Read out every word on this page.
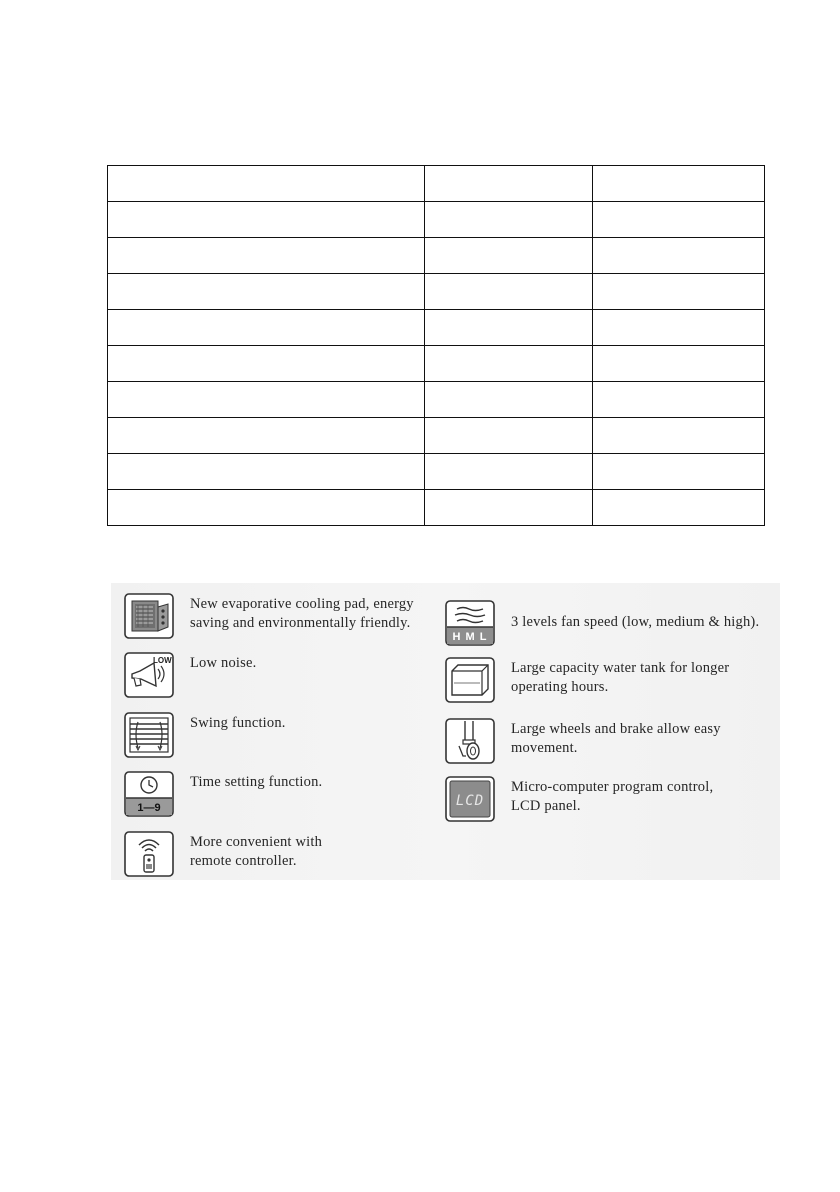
New evaporative cooling pad, energy
saving and environmentally friendly.
LOW Low noise.
Swing function.
1—9
Time setting function.
More convenient with
remote controller.
H M L
3 levels fan speed (low, medium & high).
Large capacity water tank for longer
operating hours.
Large wheels and brake allow easy
movement.
LCD
Micro-computer program control,
LCD panel.
